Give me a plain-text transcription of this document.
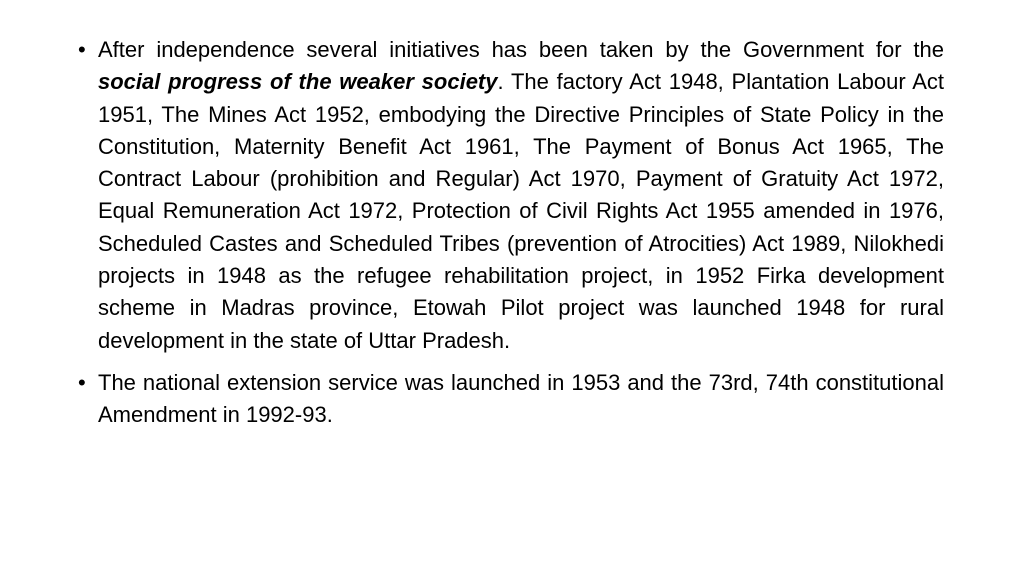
• After independence several initiatives has been taken by the Government for the social progress of the weaker society. The factory Act 1948, Plantation Labour Act 1951, The Mines Act 1952, embodying the Directive Principles of State Policy in the Constitution, Maternity Benefit Act 1961, The Payment of Bonus Act 1965, The Contract Labour (prohibition and Regular) Act 1970, Payment of Gratuity Act 1972, Equal Remuneration Act 1972, Protection of Civil Rights Act 1955 amended in 1976, Scheduled Castes and Scheduled Tribes (prevention of Atrocities) Act 1989, Nilokhedi projects in 1948 as the refugee rehabilitation project, in 1952 Firka development scheme in Madras province, Etowah Pilot project was launched 1948 for rural development in the state of Uttar Pradesh.

• The national extension service was launched in 1953 and the 73rd, 74th constitutional Amendment in 1992-93.
